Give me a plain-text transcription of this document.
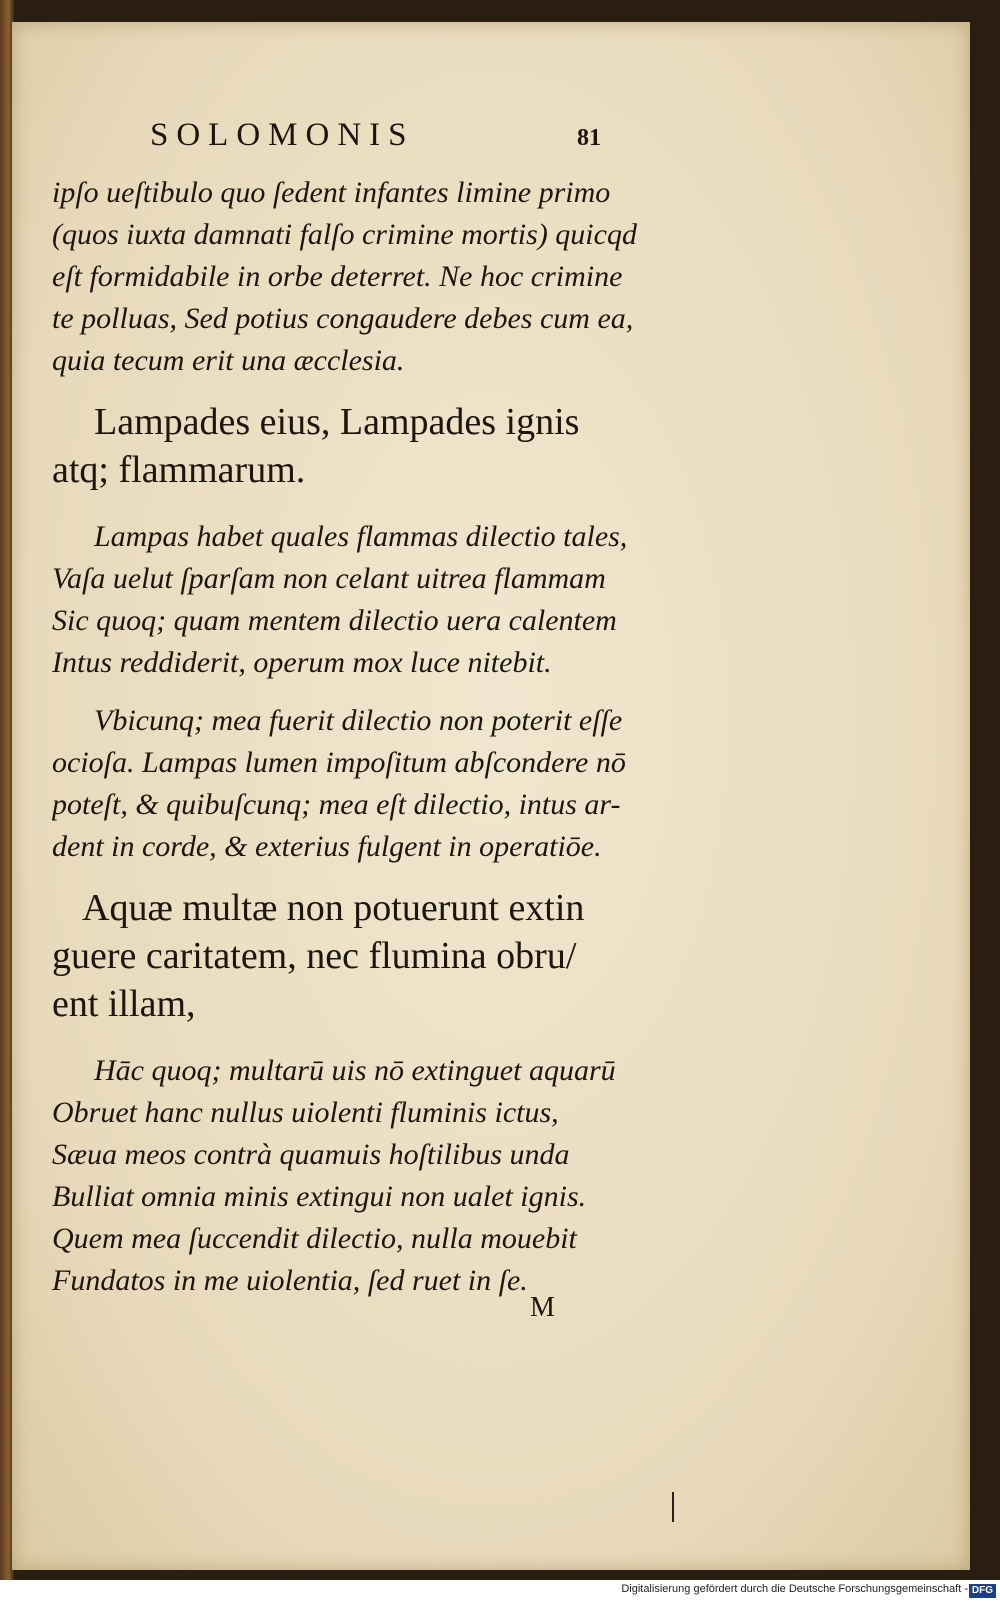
SOLOMONIS	81
ipſo ueſtibulo quo ſedent infantes limine primo
(quos iuxta damnati falſo crimine mortis) quicqd
eſt formidabile in orbe deterret. Ne hoc crimine
te polluas, Sed potius congaudere debes cum ea,
quia tecum erit una æcclesia.
Lampades eius, Lampades ignis
atq; flammarum.
Lampas habet quales flammas dilectio tales,
Vaſa uelut ſparſam non celant uitrea flammam
Sic quoq; quam mentem dilectio uera calentem
Intus reddiderit, operum mox luce nitebit.
Vbicunq; mea fuerit dilectio non poterit eſſe
ocioſa. Lampas lumen impoſitum abſcondere nō
poteſt, & quibuſcunq; mea eſt dilectio, intus ar-
dent in corde, & exterius fulgent in operatiōe.
Aquæ multæ non potuerunt extin
guere caritatem, nec flumina obru/
ent illam,
Hāc quoq; multarū uis nō extinguet aquarū
Obruet hanc nullus uiolenti fluminis ictus,
Sæua meos contrà quamuis hoſtilibus unda
Bulliat omnia minis extingui non ualet ignis.
Quem mea ſuccendit dilectio, nulla mouebit
Fundatos in me uiolentia, ſed ruet in ſe.
M
Digitalisierung gefördert durch die Deutsche Forschungsgemeinschaft - DFG
